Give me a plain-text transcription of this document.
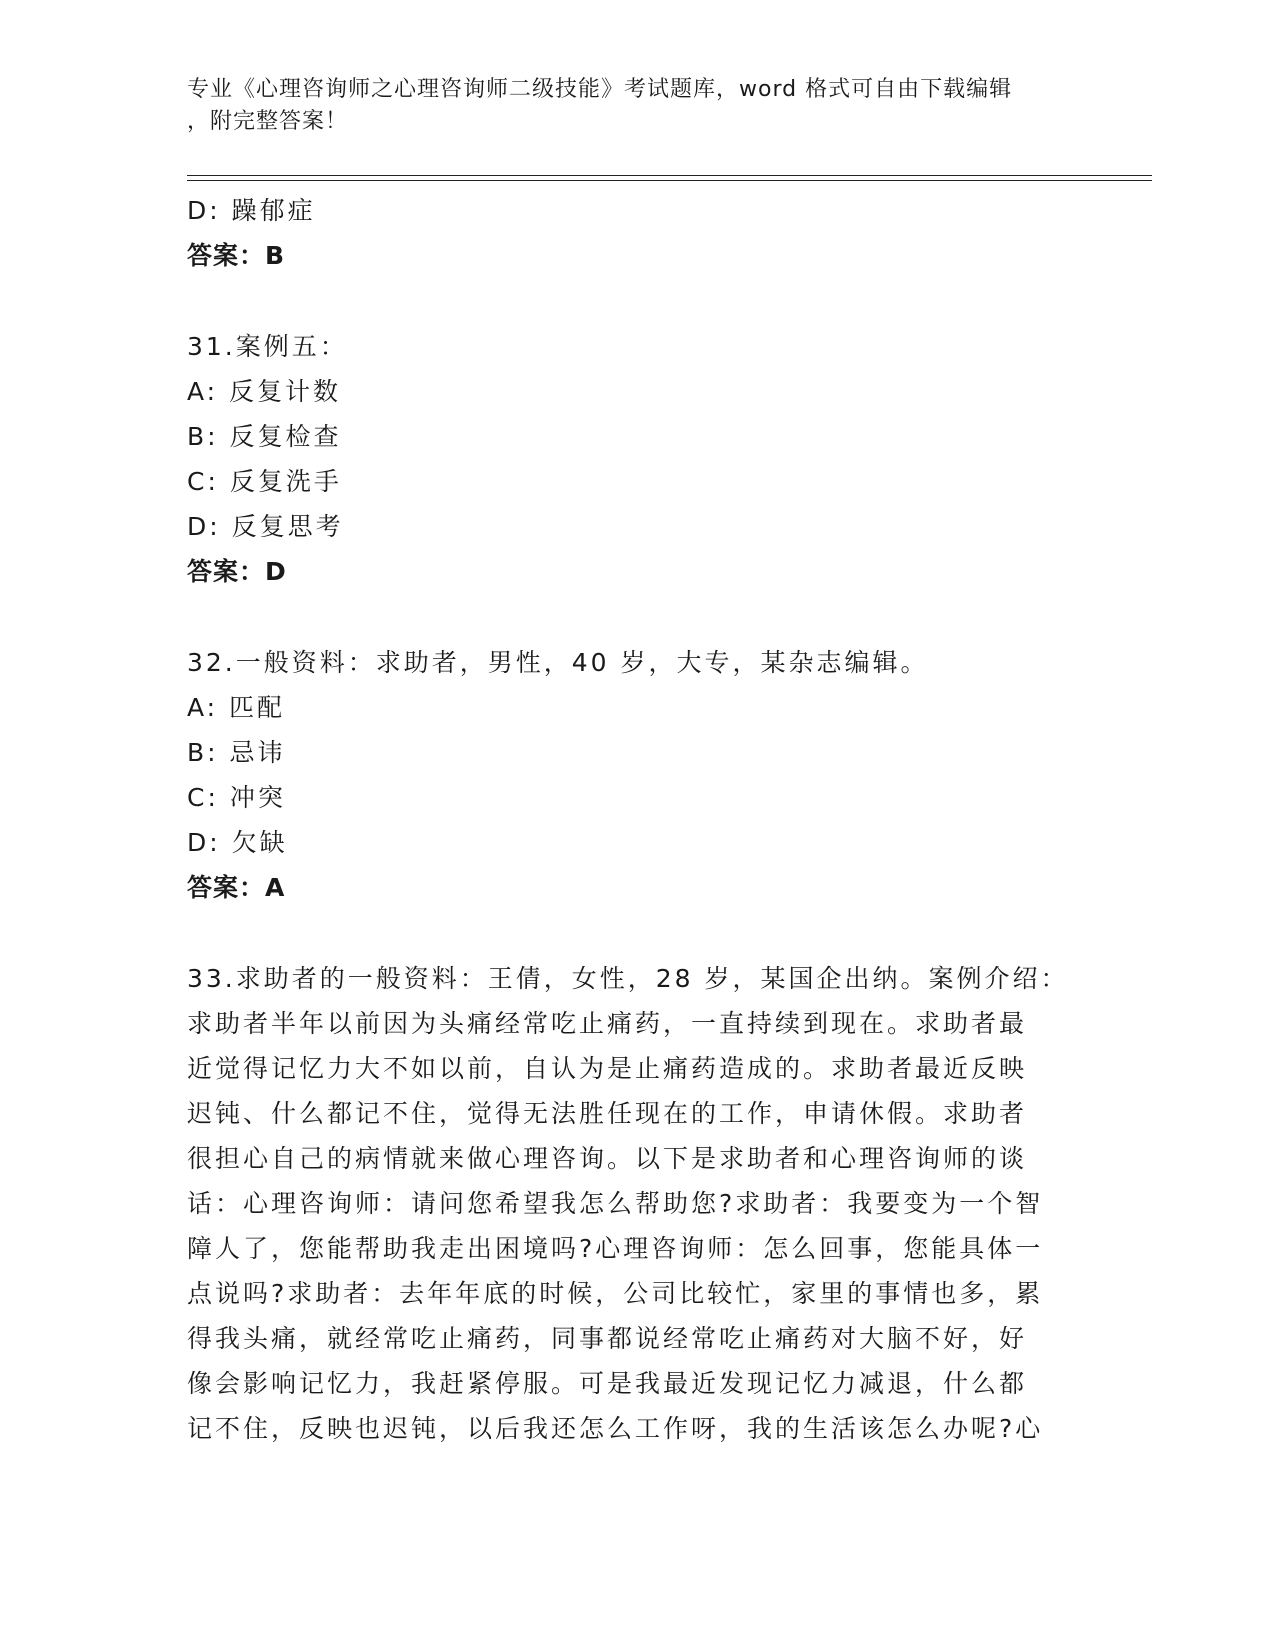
专业《心理咨询师之心理咨询师二级技能》考试题库，word 格式可自由下载编辑
，附完整答案！
D: 躁郁症
答案：B
31.案例五：
A: 反复计数
B: 反复检查
C: 反复洗手
D: 反复思考
答案：D
32.一般资料：求助者，男性，40 岁，大专，某杂志编辑。
A: 匹配
B: 忌讳
C: 冲突
D: 欠缺
答案：A
33.求助者的一般资料：王倩，女性，28 岁，某国企出纳。案例介绍：
求助者半年以前因为头痛经常吃止痛药，一直持续到现在。求助者最
近觉得记忆力大不如以前，自认为是止痛药造成的。求助者最近反映
迟钝、什么都记不住，觉得无法胜任现在的工作，申请休假。求助者
很担心自己的病情就来做心理咨询。以下是求助者和心理咨询师的谈
话：心理咨询师：请问您希望我怎么帮助您?求助者：我要变为一个智
障人了，您能帮助我走出困境吗?心理咨询师：怎么回事，您能具体一
点说吗?求助者：去年年底的时候，公司比较忙，家里的事情也多，累
得我头痛，就经常吃止痛药，同事都说经常吃止痛药对大脑不好，好
像会影响记忆力，我赶紧停服。可是我最近发现记忆力减退，什么都
记不住，反映也迟钝，以后我还怎么工作呀，我的生活该怎么办呢?心
